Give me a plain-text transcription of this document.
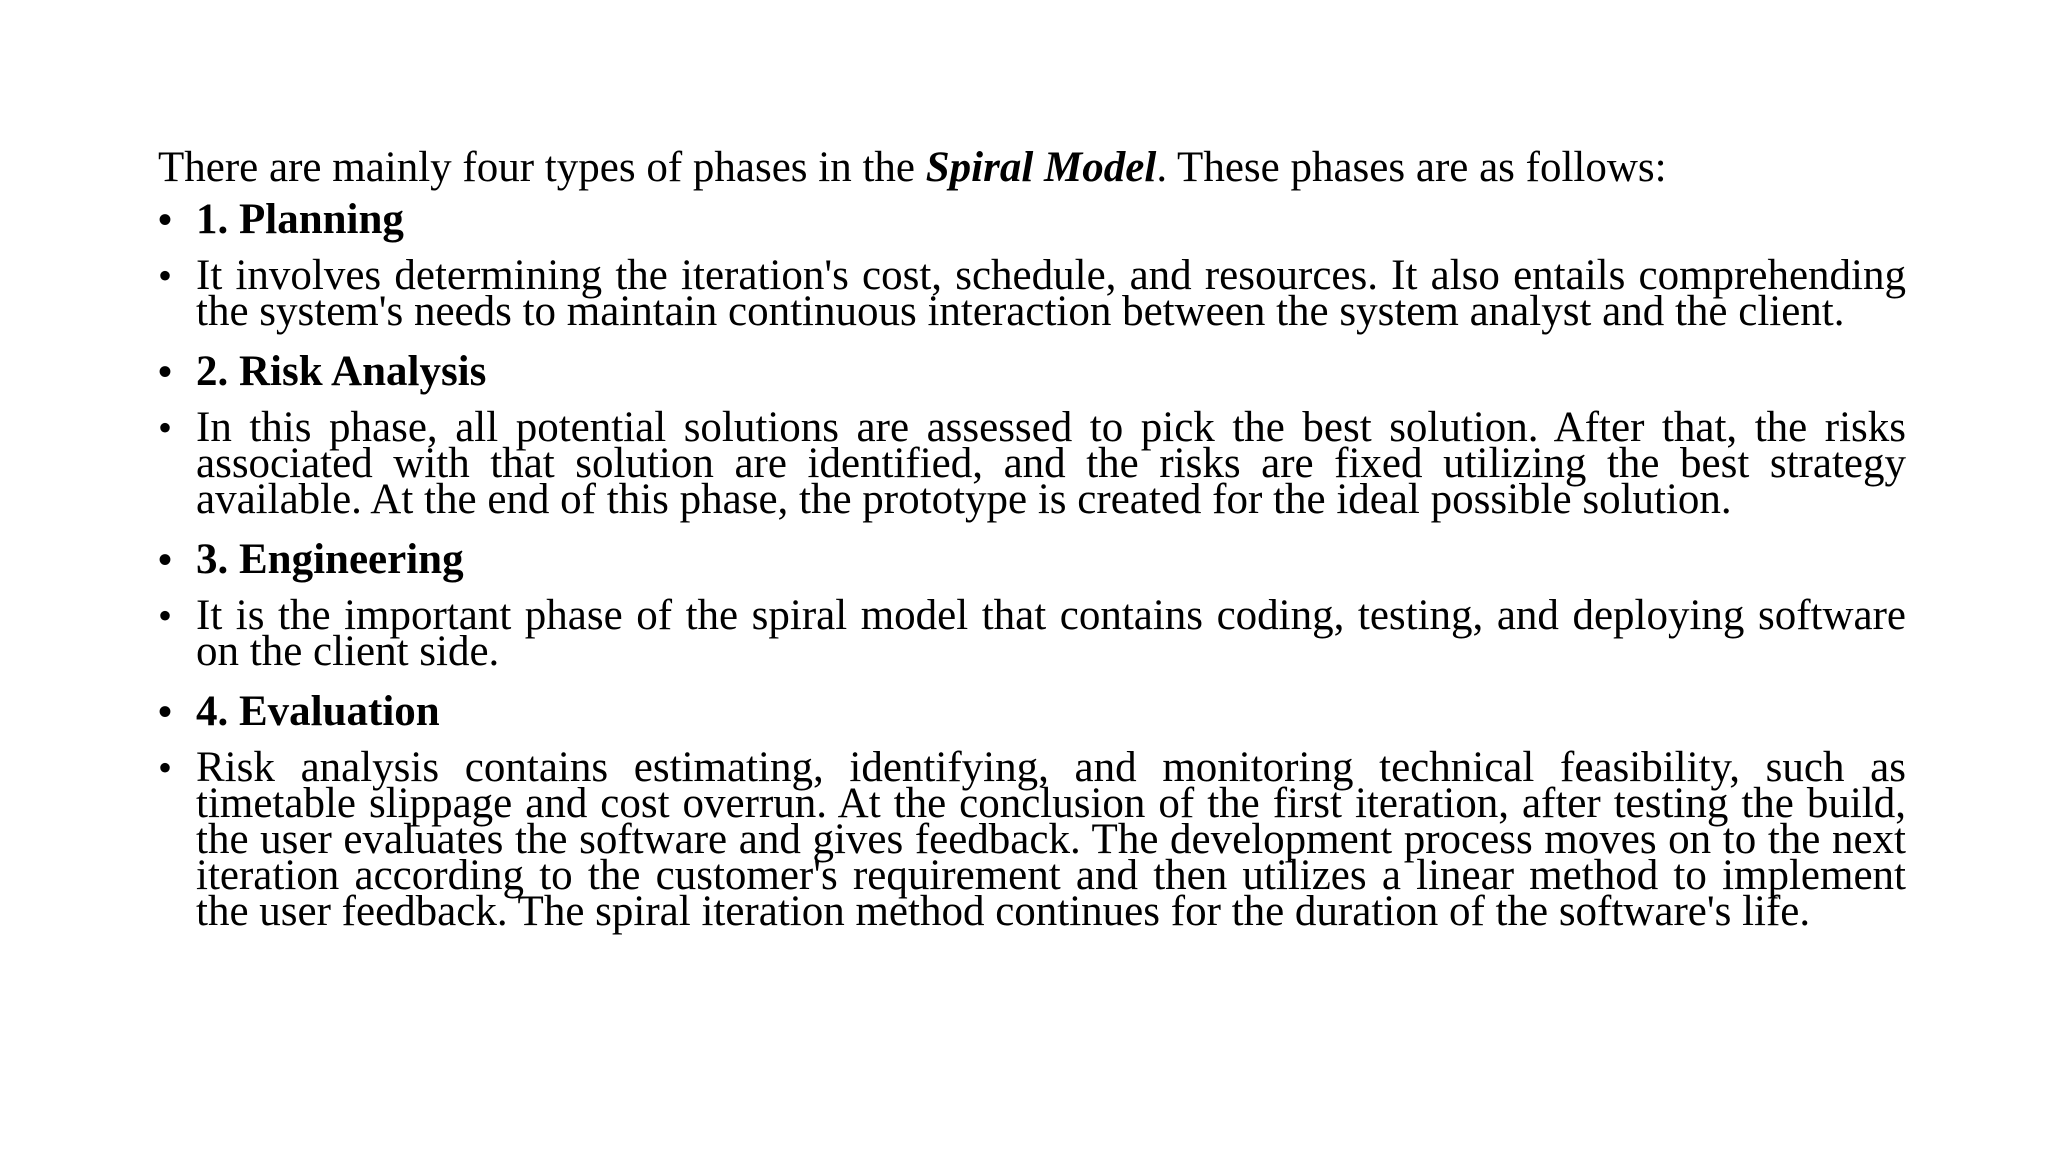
There are mainly four types of phases in the Spiral Model. These phases are as follows:

• 1. Planning
• It involves determining the iteration's cost, schedule, and resources. It also entails comprehending the system's needs to maintain continuous interaction between the system analyst and the client.
• 2. Risk Analysis
• In this phase, all potential solutions are assessed to pick the best solution. After that, the risks associated with that solution are identified, and the risks are fixed utilizing the best strategy available. At the end of this phase, the prototype is created for the ideal possible solution.
• 3. Engineering
• It is the important phase of the spiral model that contains coding, testing, and deploying software on the client side.
• 4. Evaluation
• Risk analysis contains estimating, identifying, and monitoring technical feasibility, such as timetable slippage and cost overrun. At the conclusion of the first iteration, after testing the build, the user evaluates the software and gives feedback. The development process moves on to the next iteration according to the customer's requirement and then utilizes a linear method to implement the user feedback. The spiral iteration method continues for the duration of the software's life.
